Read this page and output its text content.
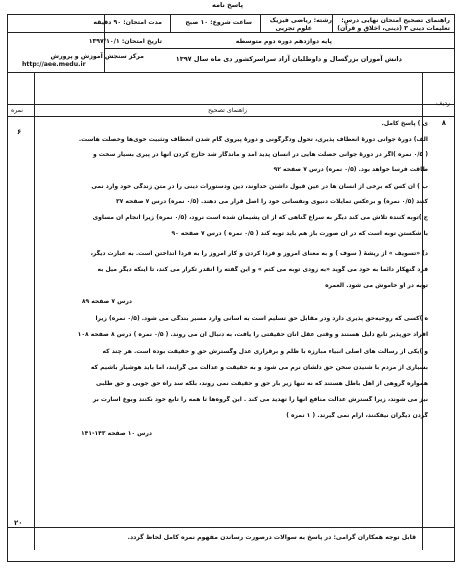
پاسخ نامه
راهنمای تصحیح امتحان نهایی درس:
تعلیمات دینی ۳ (دینی، اخلاق و قرآن)
رشته: ریاضی فیزیک
علوم تجربی
ساعت شروع: ۱۰ صبح
مدت امتحان: ۹۰ دقیقه
پایه دوازدهم دوره دوم متوسطه
تاریخ امتحان: ۱۳۹۷/۱۰/۱
دانش آموزان بزرگسال و داوطلبان آزاد سراسرکشور دی ماه سال ۱۳۹۷
مرکز سنجش آموزش و پرورش
http://aee.medu.ir
ردیف
راهنمای تصحیح
نمره
۸
۶
ی ) پاسخ کامل.
الف) دورۀ جوانی دورۀ انعطاف پذیری، تحول ودگرگونی و دورۀ پیروی گام شدن انعطاف وتثبیت خوی‌ها وخصلت هاست.
( ۰/۵ نمره )اگر در دورۀ جوانی خصلت هایی در انسان پدید آمد و ماندگار شد خارج کردن آنها در پیری بسیار سخت و
طاقت فرسا خواهد بود. (۰/۵ نمره) درس ۷ صفحه ۹۲
ب ) آن کس که برخی از انسان ها در عین قبول داشتن خداوند، دین ودستورات دینی را در متن زندگی خود وارد نمی
کنند (۰/۵ نمره) و برعکس تمایلات دنیوی ونفسانی خود را اصل قرار می دهند. (۰/۵ نمره) درس ۷ صفحه ۳۷
ج )توبه کننده تلاش می کند دیگر به سراغ گناهی که از آن پشیمان شده است نرود، (۰/۵ نمره) زیرا انجام آن مساوی
با شکستن توبه است که در آن صورت باز هم باید توبه کند ( ۰/۵ نمره ) درس ۷ صفحه ۹۰
د) «تسویف » از ریشۀ ( سوف ) و به معنای امروز و فردا کردن و کار امروز را به فردا انداختن است. به عبارت دیگر،
فرد گنهکار دائماً به خود می گوید «به زودی توبه می کنم » و این گفته را آنقدر تکرار می کند، تا اینکه دیگر میل به
توبه در او خاموش می شود. العمره
درس ۷ صفحه ۸۹
ه )کسی که روحیه‌حق پذیری دارد ودر مقابل حق تسلیم است به آسانی وارد مسیر بندگی می شود. (۰/۵ نمره) زیرا
افراد حق‌پذیر تابع دلیل هستند و وقتی عقل آنان حقیقتی را یافت، به دنبال آن می روند. ( ۰/۵ نمره ) درس ۸ صفحه ۱۰۸
و )یکی از رسالت های اصلی انبیاء مبارزه با ظلم و برقراری عدل وگسترش حق و حقیقت بوده است. هر چند که
بسیاری از مردم با شنیدن سخن حق دلشان نرم می شود و به حقیقت و عدالت می گرایند، اما باید هوشیار باشیم که
همواره گروهی از اهل باطل هستند که نه تنها زیر بار حق و حقیقت نمی روند، بلکه سد راه حق جویی و حق طلبی
نیز می شوند، زیرا گسترش عدالت منافع آنها را تهدید می کند . این گروه‌ها تا همه را تابع خود نکنند وبوغ اسارت بر
گردن دیگران نیفکنند، آرام نمی گیرند. ( ۱ نمره )
درس ۱۰ صفحه ۱۴۳-۱۴۱
۲۰
قابل توجه همکاران گرامی: در پاسخ به سوالات درصورت رساندن مفهوم نمره کامل لحاظ گردد.
